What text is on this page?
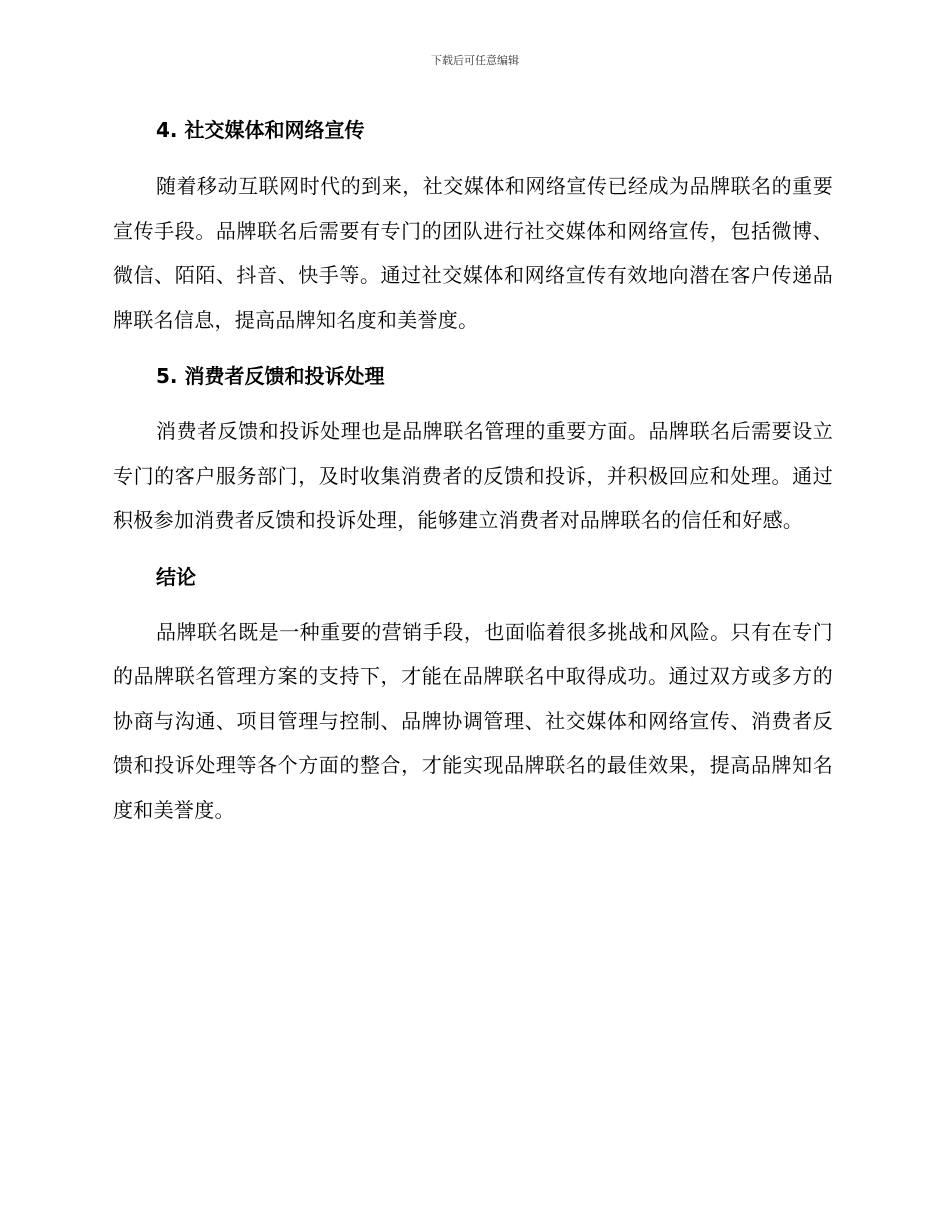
下载后可任意编辑
4. 社交媒体和网络宣传

随着移动互联网时代的到来，社交媒体和网络宣传已经成为品牌联名的重要宣传手段。品牌联名后需要有专门的团队进行社交媒体和网络宣传，包括微博、微信、陌陌、抖音、快手等。通过社交媒体和网络宣传有效地向潜在客户传递品牌联名信息，提高品牌知名度和美誉度。

5. 消费者反馈和投诉处理

消费者反馈和投诉处理也是品牌联名管理的重要方面。品牌联名后需要设立专门的客户服务部门，及时收集消费者的反馈和投诉，并积极回应和处理。通过积极参加消费者反馈和投诉处理，能够建立消费者对品牌联名的信任和好感。

结论

品牌联名既是一种重要的营销手段，也面临着很多挑战和风险。只有在专门的品牌联名管理方案的支持下，才能在品牌联名中取得成功。通过双方或多方的协商与沟通、项目管理与控制、品牌协调管理、社交媒体和网络宣传、消费者反馈和投诉处理等各个方面的整合，才能实现品牌联名的最佳效果，提高品牌知名度和美誉度。
